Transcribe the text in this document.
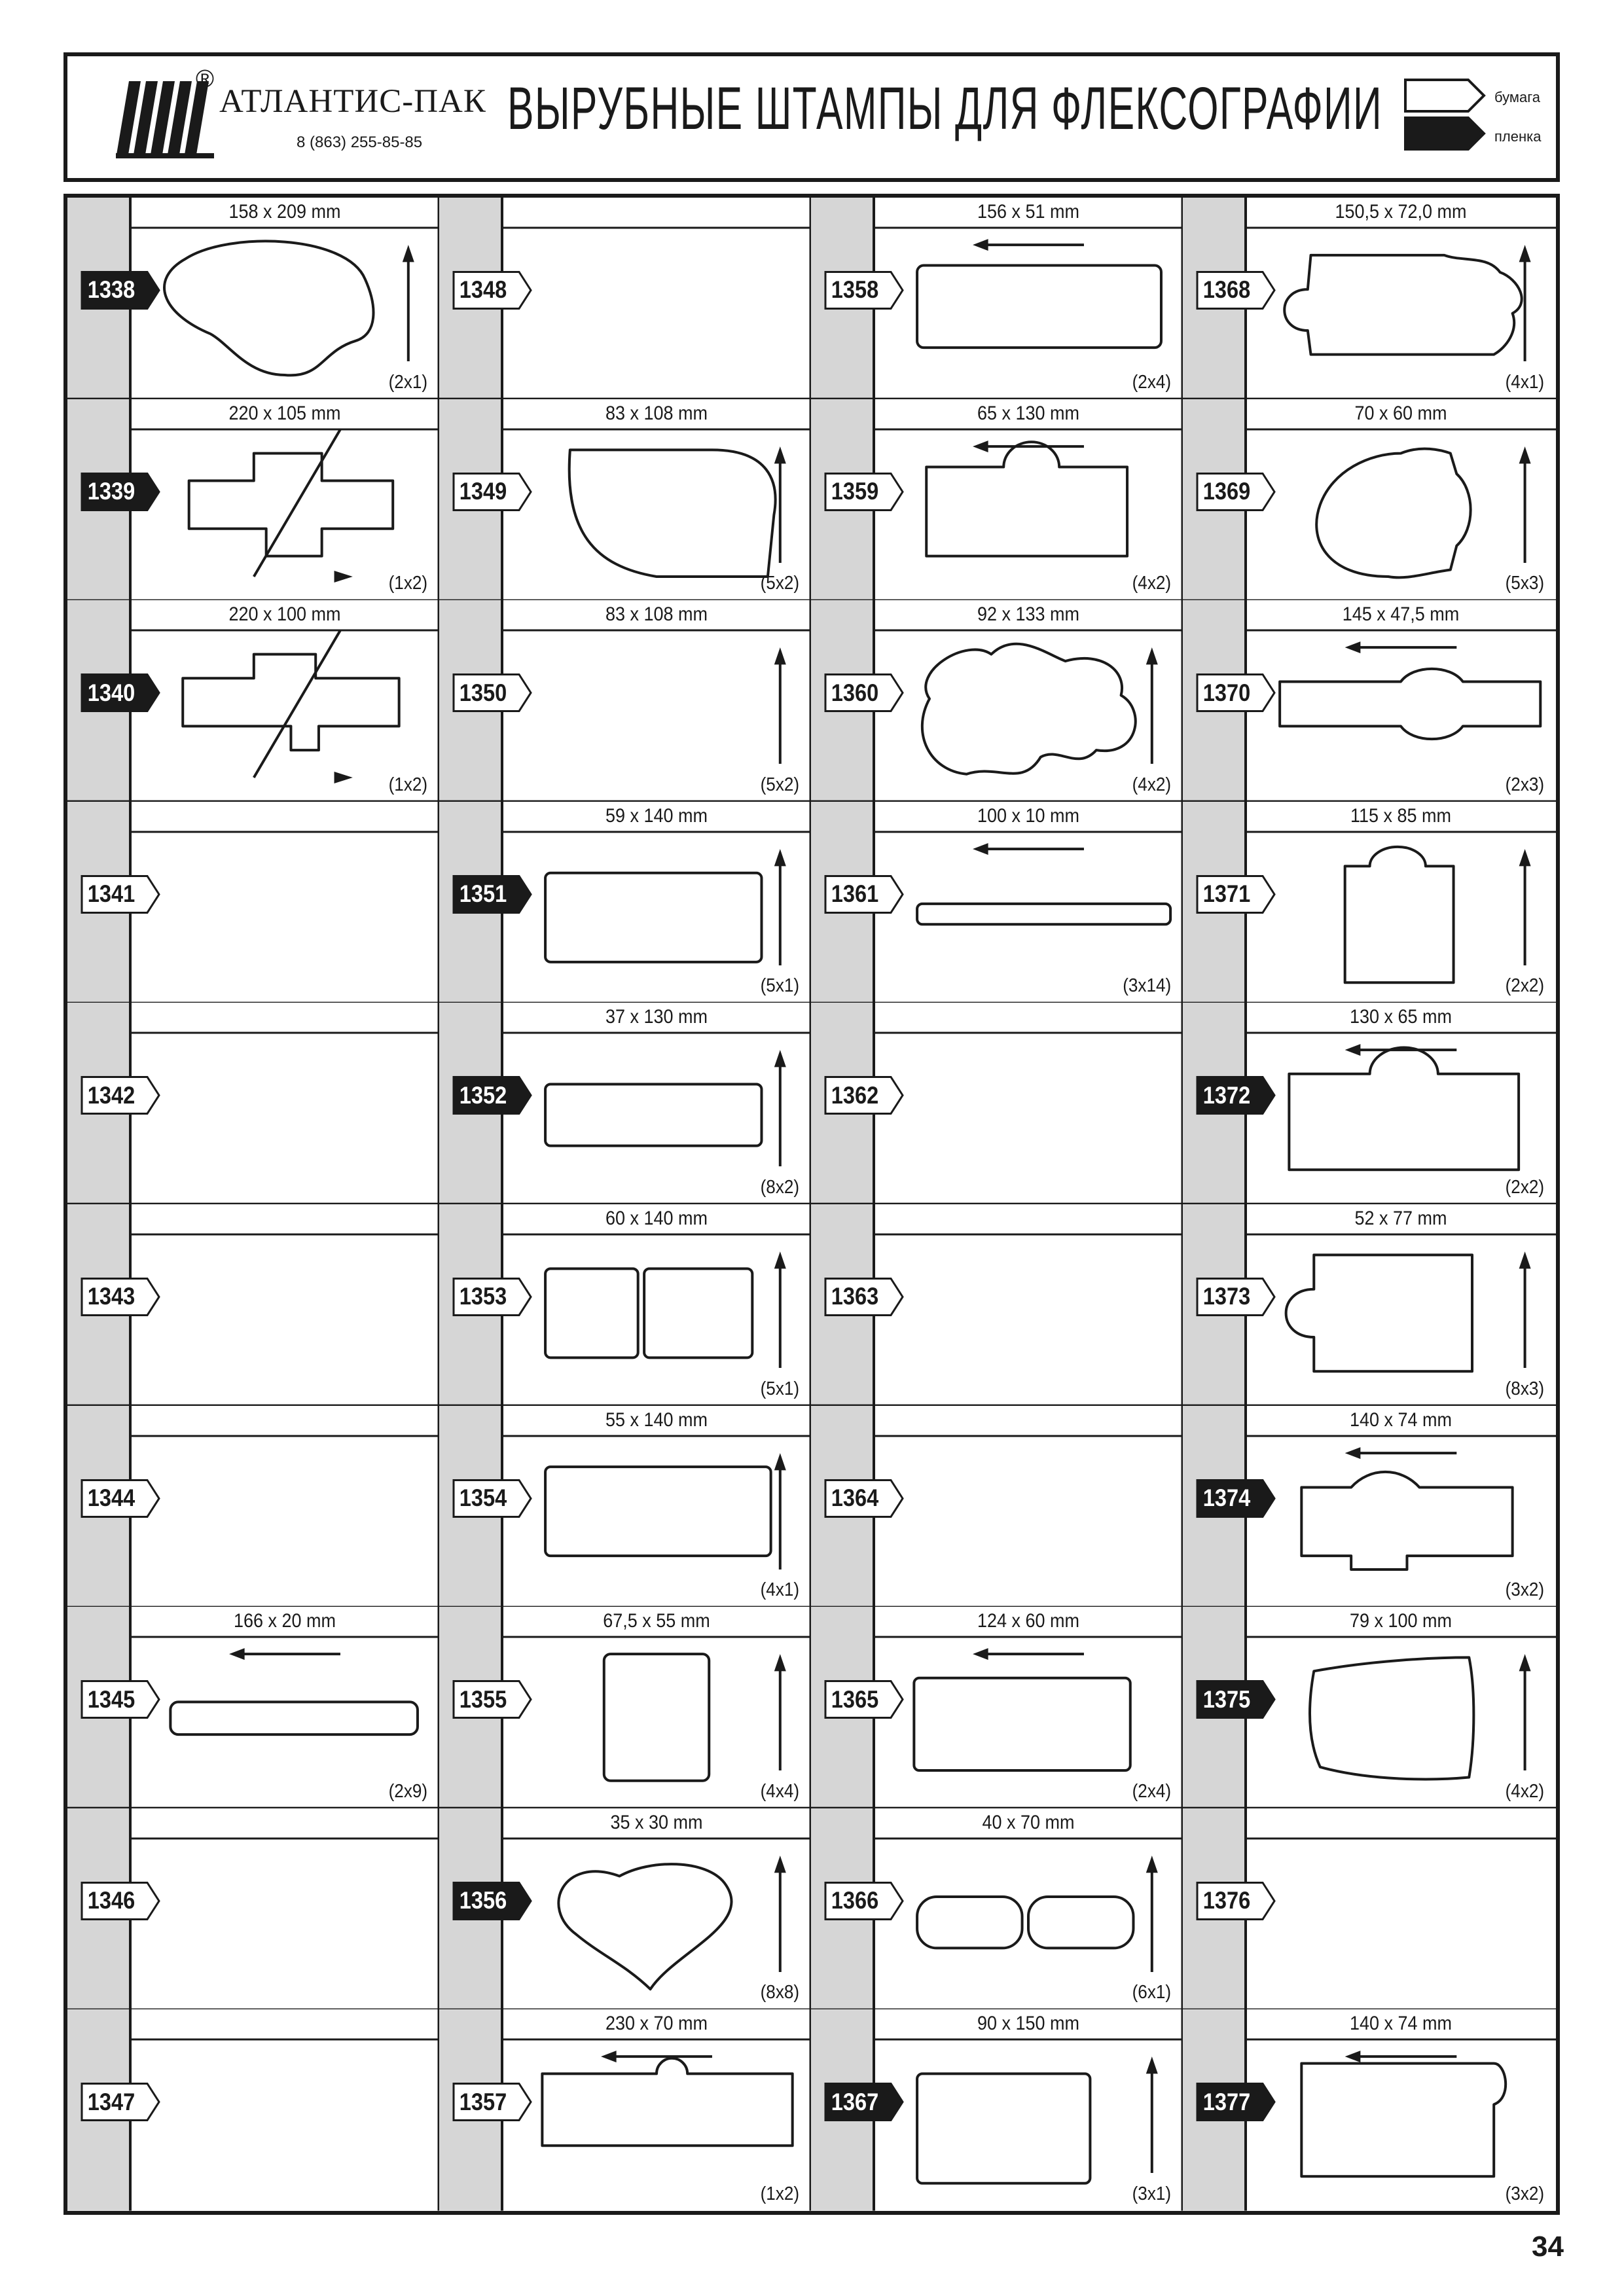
®
АТЛАНТИС-ПАК
8 (863) 255-85-85
ВЫРУБНЫЕ ШТАМПЫ ДЛЯ ФЛЕКСОГРАФИИ	бумага
пленка
158 x 209 mm
1338
(2x1)
220 x 105 mm
1339
(1x2)
220 x 100 mm
1340
(1x2)
1341
1342
1343
1344
166 x 20 mm
1345
(2x9)
1346
1347
1348
83 x 108 mm
1349
(5x2)
83 x 108 mm
1350
(5x2)
59 x 140 mm
1351
(5x1)
37 x 130 mm
1352
(8x2)
60 x 140 mm
1353
(5x1)
55 x 140 mm
1354
(4x1)
67,5 x 55 mm
1355
(4x4)
35 x 30 mm
1356
(8x8)
230 x 70 mm
1357
(1x2)
156 x 51 mm
1358
(2x4)
65 x 130 mm
1359
(4x2)
92 x 133 mm
1360
(4x2)
100 x 10 mm
1361
(3x14)
1362
1363
1364
124 x 60 mm
1365
(2x4)
40 x 70 mm
1366
(6x1)
90 x 150 mm
1367
(3x1)
150,5 x 72,0 mm
1368
(4x1)
70 x 60 mm
1369
(5x3)
145 x 47,5 mm
1370
(2x3)
115 x 85 mm
1371
(2x2)
130 x 65 mm
1372
(2x2)
52 x 77 mm
1373
(8x3)
140 x 74 mm
1374
(3x2)
79 x 100 mm
1375
(4x2)
1376
140 x 74 mm
1377
(3x2)
34
